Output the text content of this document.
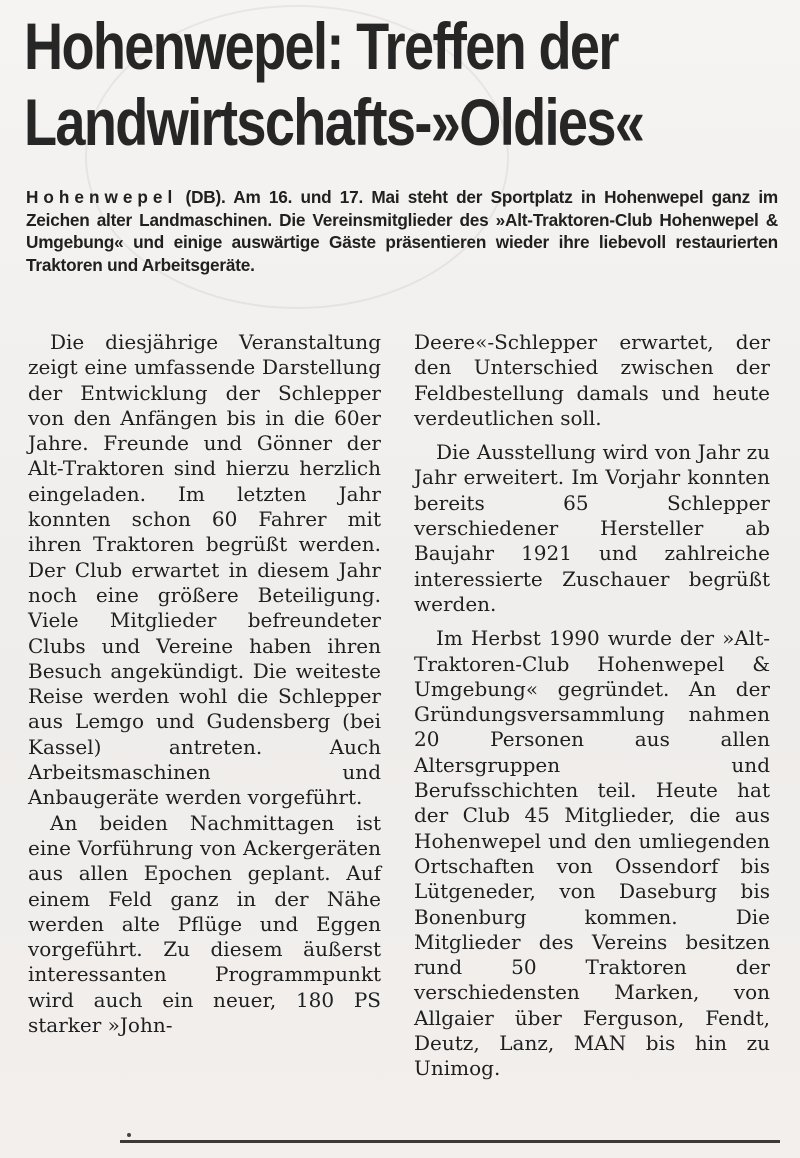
Hohenwepel: Treffen der
Landwirtschafts-»Oldies«

Hohenwepel (DB). Am 16. und 17. Mai steht der Sportplatz in Hohenwepel ganz im Zeichen alter Landmaschinen. Die Vereinsmitglieder des »Alt-Traktoren-Club Hohenwepel & Umgebung« und einige auswärtige Gäste präsentieren wieder ihre liebevoll restaurierten Traktoren und Arbeitsgeräte.

Die diesjährige Veranstaltung zeigt eine umfassende Darstellung der Entwicklung der Schlepper von den Anfängen bis in die 60er Jahre. Freunde und Gönner der Alt-Traktoren sind hierzu herzlich eingeladen. Im letzten Jahr konnten schon 60 Fahrer mit ihren Traktoren begrüßt werden. Der Club erwartet in diesem Jahr noch eine größere Beteiligung. Viele Mitglieder befreundeter Clubs und Vereine haben ihren Besuch angekündigt. Die weiteste Reise werden wohl die Schlepper aus Lemgo und Gudensberg (bei Kassel) antreten. Auch Arbeitsmaschinen und Anbaugeräte werden vorgeführt.

An beiden Nachmittagen ist eine Vorführung von Ackergeräten aus allen Epochen geplant. Auf einem Feld ganz in der Nähe werden alte Pflüge und Eggen vorgeführt. Zu diesem äußerst interessanten Programmpunkt wird auch ein neuer, 180 PS starker »John-

Deere«-Schlepper erwartet, der den Unterschied zwischen der Feldbestellung damals und heute verdeutlichen soll.

Die Ausstellung wird von Jahr zu Jahr erweitert. Im Vorjahr konnten bereits 65 Schlepper verschiedener Hersteller ab Baujahr 1921 und zahlreiche interessierte Zuschauer begrüßt werden.

Im Herbst 1990 wurde der »Alt-Traktoren-Club Hohenwepel & Umgebung« gegründet. An der Gründungsversammlung nahmen 20 Personen aus allen Altersgruppen und Berufsschichten teil. Heute hat der Club 45 Mitglieder, die aus Hohenwepel und den umliegenden Ortschaften von Ossendorf bis Lütgeneder, von Daseburg bis Bonenburg kommen. Die Mitglieder des Vereins besitzen rund 50 Traktoren der verschiedensten Marken, von Allgaier über Ferguson, Fendt, Deutz, Lanz, MAN bis hin zu Unimog.
